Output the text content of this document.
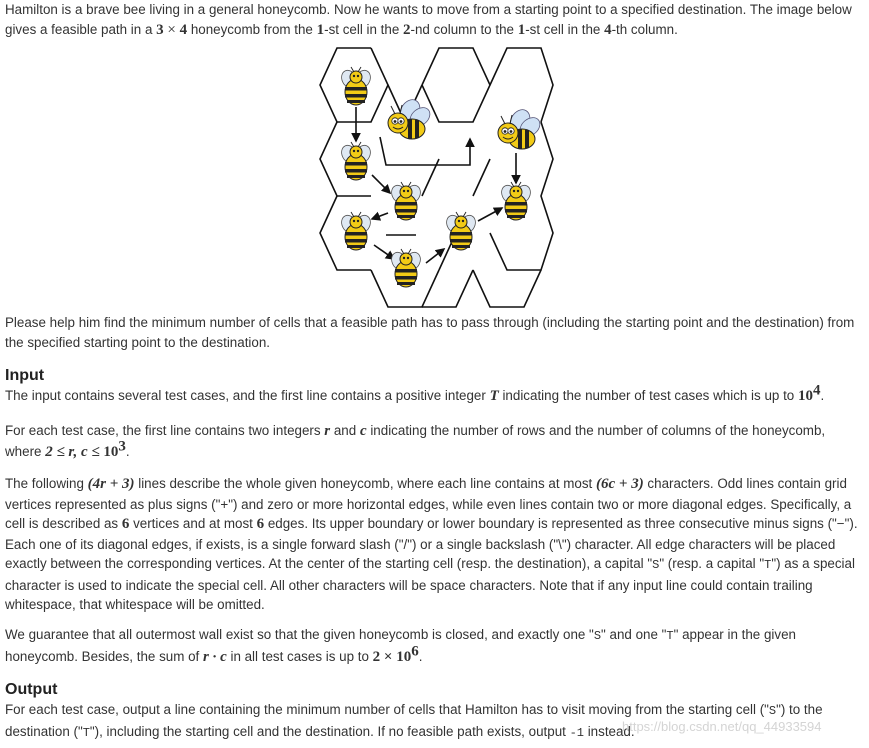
Hamilton is a brave bee living in a general honeycomb. Now he wants to move from a starting point to a specified destination. The image below gives a feasible path in a 3 × 4 honeycomb from the 1-st cell in the 2-nd column to the 1-st cell in the 4-th column.

Please help him find the minimum number of cells that a feasible path has to pass through (including the starting point and the destination) from the specified starting point to the destination.

Input

The input contains several test cases, and the first line contains a positive integer T indicating the number of test cases which is up to $10^4$.

For each test case, the first line contains two integers r and c indicating the number of rows and the number of columns of the honeycomb, where 2 ≤ r, $c \le 10^3$.

The following (4r + 3) lines describe the whole given honeycomb, where each line contains at most (6c + 3) characters. Odd lines contain grid vertices represented as plus signs ("+") and zero or more horizontal edges, while even lines contain two or more diagonal edges. Specifically, a cell is described as 6 vertices and at most 6 edges. Its upper boundary or lower boundary is represented as three consecutive minus signs ("−"). Each one of its diagonal edges, if exists, is a single forward slash ("/") or a single backslash ("\") character. All edge characters will be placed exactly between the corresponding vertices. At the center of the starting cell (resp. the destination), a capital "S" (resp. a capital "T") as a special character is used to indicate the special cell. All other characters will be space characters. Note that if any input line could contain trailing whitespace, that whitespace will be omitted.

We guarantee that all outermost wall exist so that the given honeycomb is closed, and exactly one "S" and one "T" appear in the given honeycomb. Besides, the sum of r · c in all test cases is up to $2 \times 10^6$.

Output

For each test case, output a line containing the minimum number of cells that Hamilton has to visit moving from the starting cell ("S") to the destination ("T"), including the starting cell and the destination. If no feasible path exists, output -1 instead.

https://blog.csdn.net/qq_44933594
